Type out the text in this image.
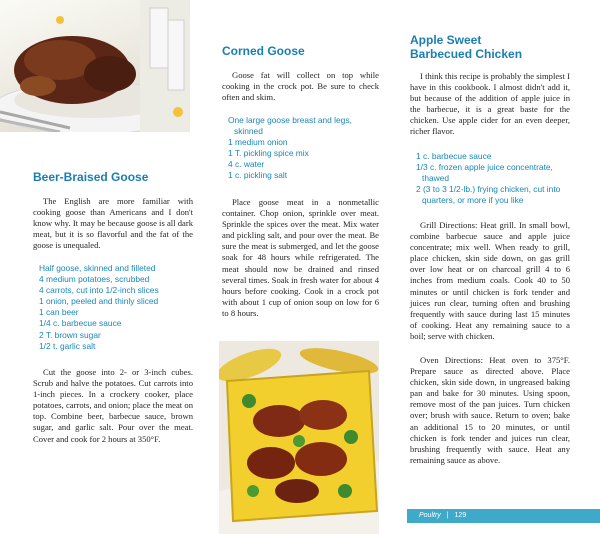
Beer-Braised Goose

The English are more familiar with cooking goose than Americans and I don't know why. It may be because goose is all dark meat, but it is so flavorful and the fat of the goose is unequaled.

Half goose, skinned and filleted
4 medium potatoes, scrubbed
4 carrots, cut into 1/2-inch slices
1 onion, peeled and thinly sliced
1 can beer
1/4 c. barbecue sauce
2 T. brown sugar
1/2 t. garlic salt

Cut the goose into 2- or 3-inch cubes. Scrub and halve the potatoes. Cut carrots into 1-inch pieces. In a crockery cooker, place potatoes, carrots, and onion; place the meat on top. Combine beer, barbecue sauce, brown sugar, and garlic salt. Pour over the meat. Cover and cook for 2 hours at 350°F.

Corned Goose

Goose fat will collect on top while cooking in the crock pot. Be sure to check often and skim.

One large goose breast and legs, skinned
1 medium onion
1 T. pickling spice mix
4 c. water
1 c. pickling salt

Place goose meat in a nonmetallic container. Chop onion, sprinkle over meat. Sprinkle the spices over the meat. Mix water and pickling salt, and pour over the meat. Be sure the meat is submerged, and let the goose soak for 48 hours while refrigerated. The meat should now be drained and rinsed several times. Soak in fresh water for about 4 hours before cooking. Cook in a crock pot with about 1 cup of onion soup on low for 6 to 8 hours.

Apple Sweet
Barbecued Chicken

I think this recipe is probably the simplest I have in this cookbook. I almost didn't add it, but because of the addition of apple juice in the barbecue, it is a great baste for the chicken. Use apple cider for an even deeper, richer flavor.

1 c. barbecue sauce
1/3 c. frozen apple juice concentrate, thawed
2 (3 to 3 1/2-lb.) frying chicken, cut into quarters, or more if you like

Grill Directions: Heat grill. In small bowl, combine barbecue sauce and apple juice concentrate; mix well. When ready to grill, place chicken, skin side down, on gas grill over low heat or on charcoal grill 4 to 6 inches from medium coals. Cook 40 to 50 minutes or until chicken is fork tender and juices run clear, turning often and brushing frequently with sauce during last 15 minutes of cooking. Heat any remaining sauce to a boil; serve with chicken.

Oven Directions: Heat oven to 375°F. Prepare sauce as directed above. Place chicken, skin side down, in ungreased baking pan and bake for 30 minutes. Using spoon, remove most of the pan juices. Turn chicken over; brush with sauce. Return to oven; bake an additional 15 to 20 minutes, or until chicken is fork tender and juices run clear, brushing frequently with sauce. Heat any remaining sauce as above.

Poultry | 129
